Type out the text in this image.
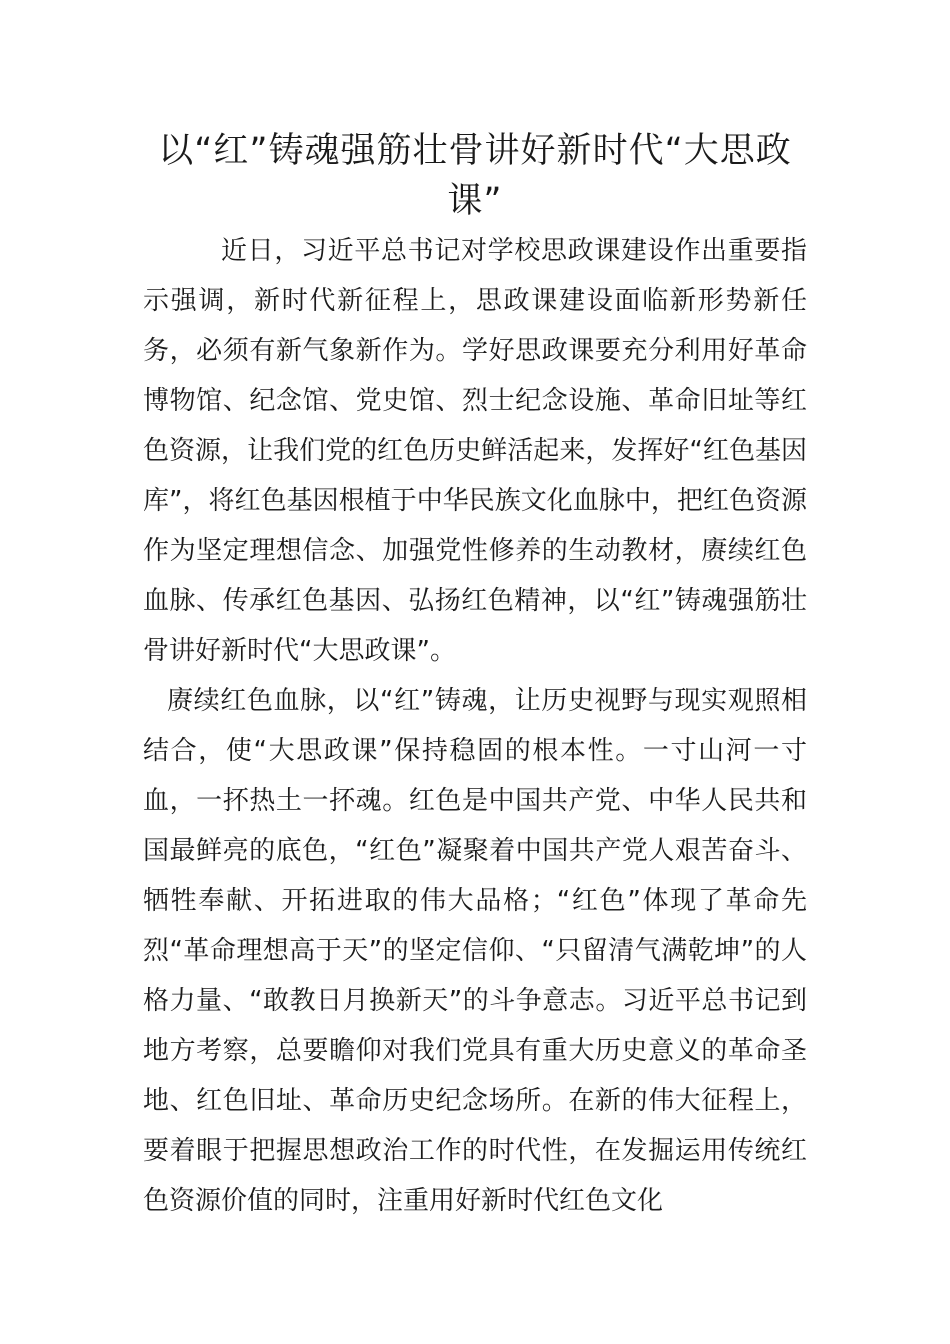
以“红”铸魂强筋壮骨讲好新时代“大思政课”

近日，习近平总书记对学校思政课建设作出重要指示强调，新时代新征程上，思政课建设面临新形势新任务，必须有新气象新作为。学好思政课要充分利用好革命博物馆、纪念馆、党史馆、烈士纪念设施、革命旧址等红色资源，让我们党的红色历史鲜活起来，发挥好“红色基因库”，将红色基因根植于中华民族文化血脉中，把红色资源作为坚定理想信念、加强党性修养的生动教材，赓续红色血脉、传承红色基因、弘扬红色精神，以“红”铸魂强筋壮骨讲好新时代“大思政课”。

赓续红色血脉，以“红”铸魂，让历史视野与现实观照相结合，使“大思政课”保持稳固的根本性。一寸山河一寸血，一抔热土一抔魂。红色是中国共产党、中华人民共和国最鲜亮的底色，“红色”凝聚着中国共产党人艰苦奋斗、牺牲奉献、开拓进取的伟大品格；“红色”体现了革命先烈“革命理想高于天”的坚定信仰、“只留清气满乾坤”的人格力量、“敢教日月换新天”的斗争意志。习近平总书记到地方考察，总要瞻仰对我们党具有重大历史意义的革命圣地、红色旧址、革命历史纪念场所。在新的伟大征程上，要着眼于把握思想政治工作的时代性，在发掘运用传统红色资源价值的同时，注重用好新时代红色文化
